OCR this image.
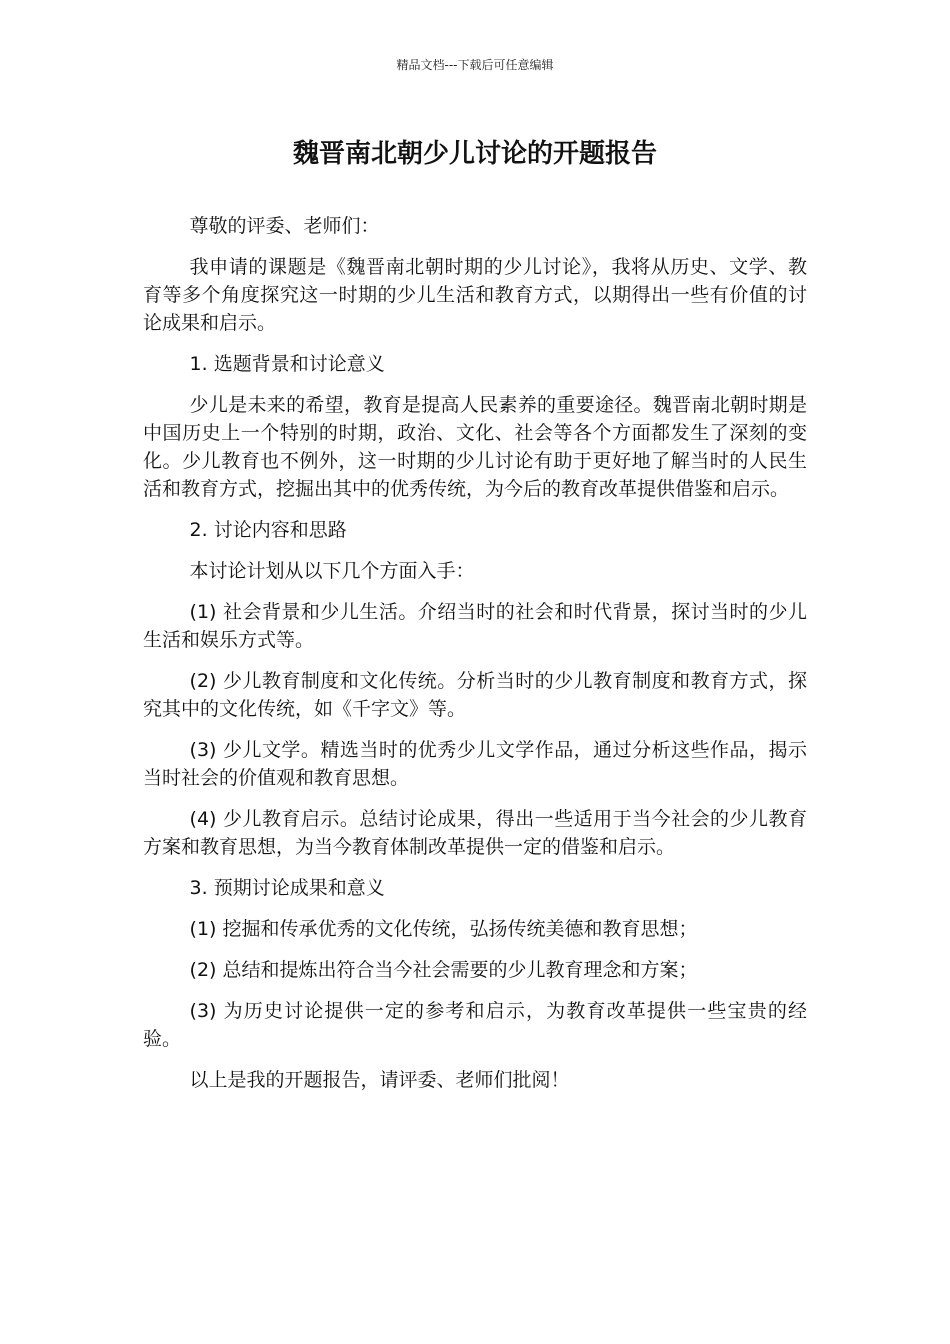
精品文档---下载后可任意编辑
魏晋南北朝少儿讨论的开题报告

尊敬的评委、老师们：

我申请的课题是《魏晋南北朝时期的少儿讨论》，我将从历史、文学、教育等多个角度探究这一时期的少儿生活和教育方式，以期得出一些有价值的讨论成果和启示。

1. 选题背景和讨论意义

少儿是未来的希望，教育是提高人民素养的重要途径。魏晋南北朝时期是中国历史上一个特别的时期，政治、文化、社会等各个方面都发生了深刻的变化。少儿教育也不例外，这一时期的少儿讨论有助于更好地了解当时的人民生活和教育方式，挖掘出其中的优秀传统，为今后的教育改革提供借鉴和启示。

2. 讨论内容和思路

本讨论计划从以下几个方面入手：

(1) 社会背景和少儿生活。介绍当时的社会和时代背景，探讨当时的少儿生活和娱乐方式等。

(2) 少儿教育制度和文化传统。分析当时的少儿教育制度和教育方式，探究其中的文化传统，如《千字文》等。

(3) 少儿文学。精选当时的优秀少儿文学作品，通过分析这些作品，揭示当时社会的价值观和教育思想。

(4) 少儿教育启示。总结讨论成果，得出一些适用于当今社会的少儿教育方案和教育思想，为当今教育体制改革提供一定的借鉴和启示。

3. 预期讨论成果和意义

(1) 挖掘和传承优秀的文化传统，弘扬传统美德和教育思想；

(2) 总结和提炼出符合当今社会需要的少儿教育理念和方案；

(3) 为历史讨论提供一定的参考和启示，为教育改革提供一些宝贵的经验。

以上是我的开题报告，请评委、老师们批阅！
